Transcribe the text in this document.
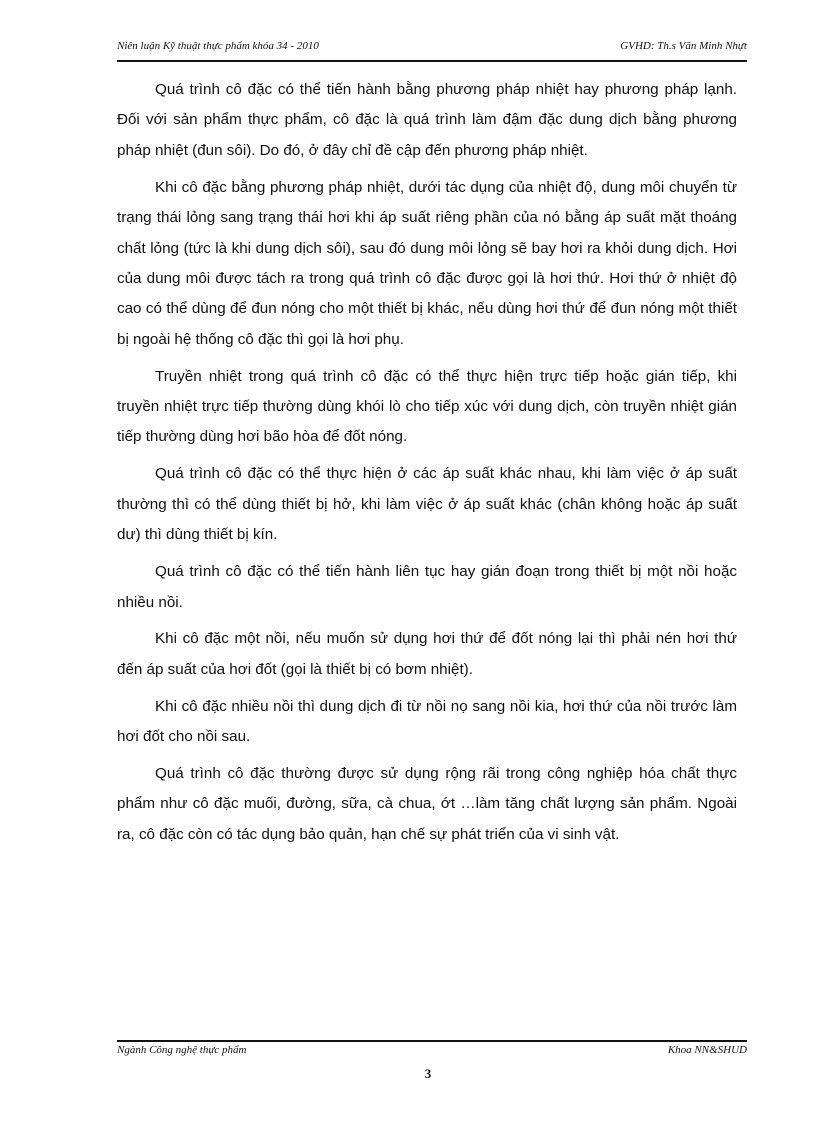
Niên luận Kỹ thuật thực phẩm khóa 34 - 2010	GVHD: Th.s Văn Minh Nhựt

Quá trình cô đặc có thể tiến hành bằng phương pháp nhiệt hay phương pháp lạnh. Đối với sản phẩm thực phẩm, cô đặc là quá trình làm đậm đặc dung dịch bằng phương pháp nhiệt (đun sôi). Do đó, ở đây chỉ đề cập đến phương pháp nhiệt.

Khi cô đặc bằng phương pháp nhiệt, dưới tác dụng của nhiệt độ, dung môi chuyển từ trạng thái lỏng sang trạng thái hơi khi áp suất riêng phần của nó bằng áp suất mặt thoáng chất lỏng (tức là khi dung dịch sôi), sau đó dung môi lỏng sẽ bay hơi ra khỏi dung dịch. Hơi của dung môi được tách ra trong quá trình cô đặc được gọi là hơi thứ. Hơi thứ ở nhiệt độ cao có thể dùng để đun nóng cho một thiết bị khác, nếu dùng hơi thứ để đun nóng một thiết bị ngoài hệ thống cô đặc thì gọi là hơi phụ.

Truyền nhiệt trong quá trình cô đặc có thể thực hiện trực tiếp hoặc gián tiếp, khi truyền nhiệt trực tiếp thường dùng khói lò cho tiếp xúc với dung dịch, còn truyền nhiệt gián tiếp thường dùng hơi bão hòa để đốt nóng.

Quá trình cô đặc có thể thực hiện ở các áp suất khác nhau, khi làm việc ở áp suất thường thì có thể dùng thiết bị hở, khi làm việc ở áp suất khác (chân không hoặc áp suất dư) thì dùng thiết bị kín.

Quá trình cô đặc có thể tiến hành liên tục hay gián đoạn trong thiết bị một nồi hoặc nhiều nồi.

Khi cô đặc một nồi, nếu muốn sử dụng hơi thứ để đốt nóng lại thì phải nén hơi thứ đến áp suất của hơi đốt (gọi là thiết bị có bơm nhiệt).

Khi cô đặc nhiều nồi thì dung dịch đi từ nồi nọ sang nồi kia, hơi thứ của nồi trước làm hơi đốt cho nồi sau.

Quá trình cô đặc thường được sử dụng rộng rãi trong công nghiệp hóa chất thực phẩm như cô đặc muối, đường, sữa, cà chua, ớt …làm tăng chất lượng sản phẩm. Ngoài ra, cô đặc còn có tác dụng bảo quản, hạn chế sự phát triển của vi sinh vật.

Ngành Công nghệ thực phẩm	Khoa NN&SHUD
3
